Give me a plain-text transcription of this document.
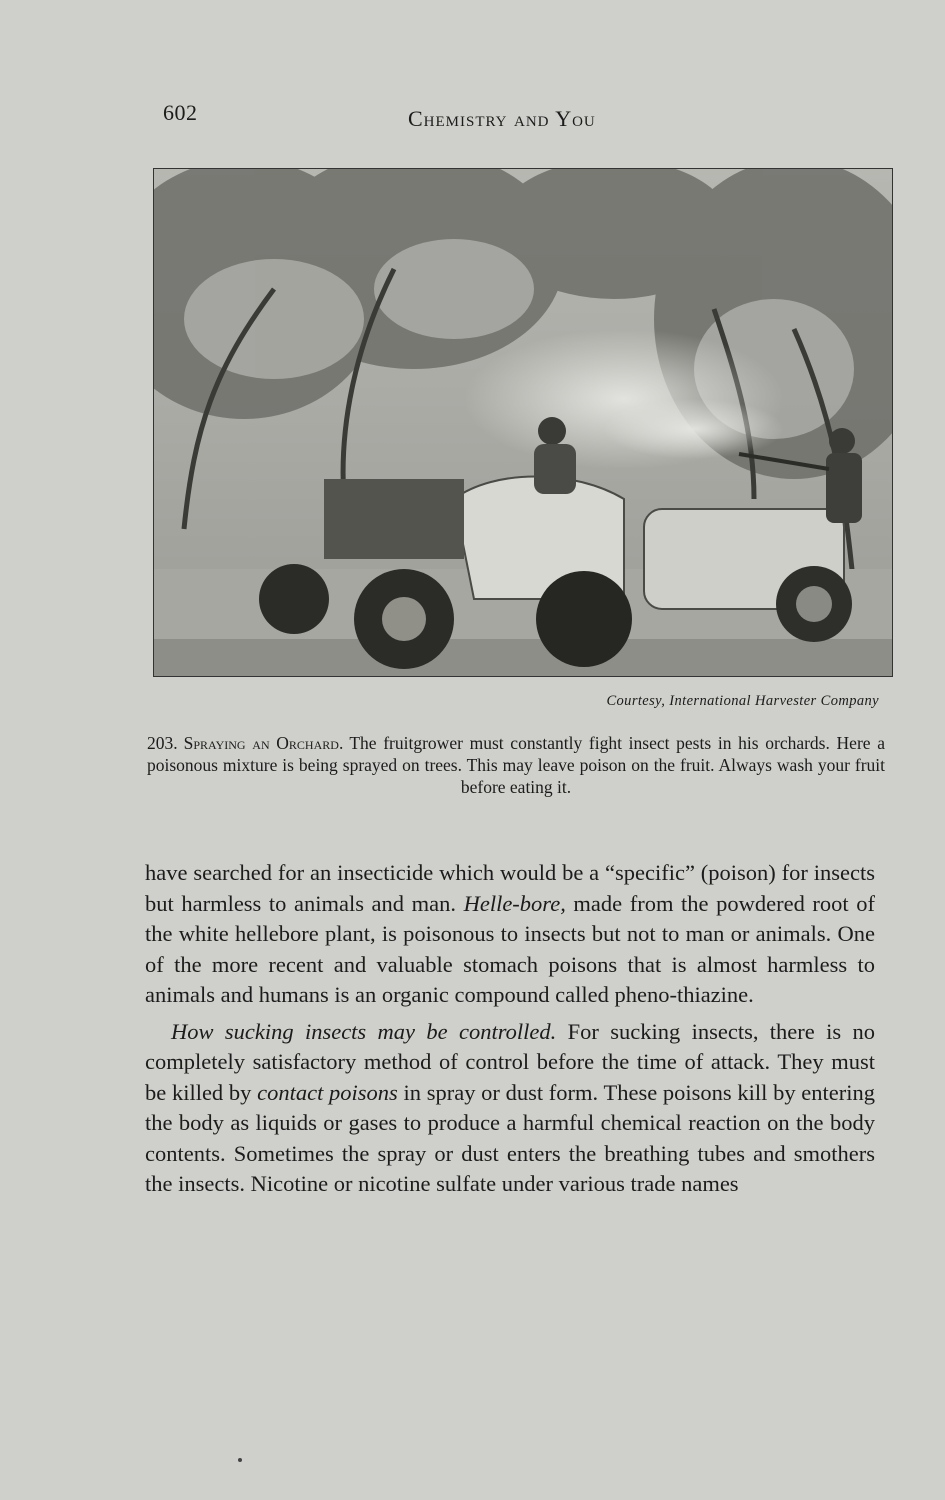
602	Chemistry and You
Courtesy, International Harvester Company
203. Spraying an Orchard. The fruitgrower must constantly fight insect pests in his orchards. Here a poisonous mixture is being sprayed on trees. This may leave poison on the fruit. Always wash your fruit before eating it.

have searched for an insecticide which would be a “specific” (poison) for insects but harmless to animals and man. Helle-bore, made from the powdered root of the white hellebore plant, is poisonous to insects but not to man or animals. One of the more recent and valuable stomach poisons that is almost harmless to animals and humans is an organic compound called pheno-thiazine.

How sucking insects may be controlled. For sucking insects, there is no completely satisfactory method of control before the time of attack. They must be killed by contact poisons in spray or dust form. These poisons kill by entering the body as liquids or gases to produce a harmful chemical reaction on the body contents. Sometimes the spray or dust enters the breathing tubes and smothers the insects. Nicotine or nicotine sulfate under various trade names
